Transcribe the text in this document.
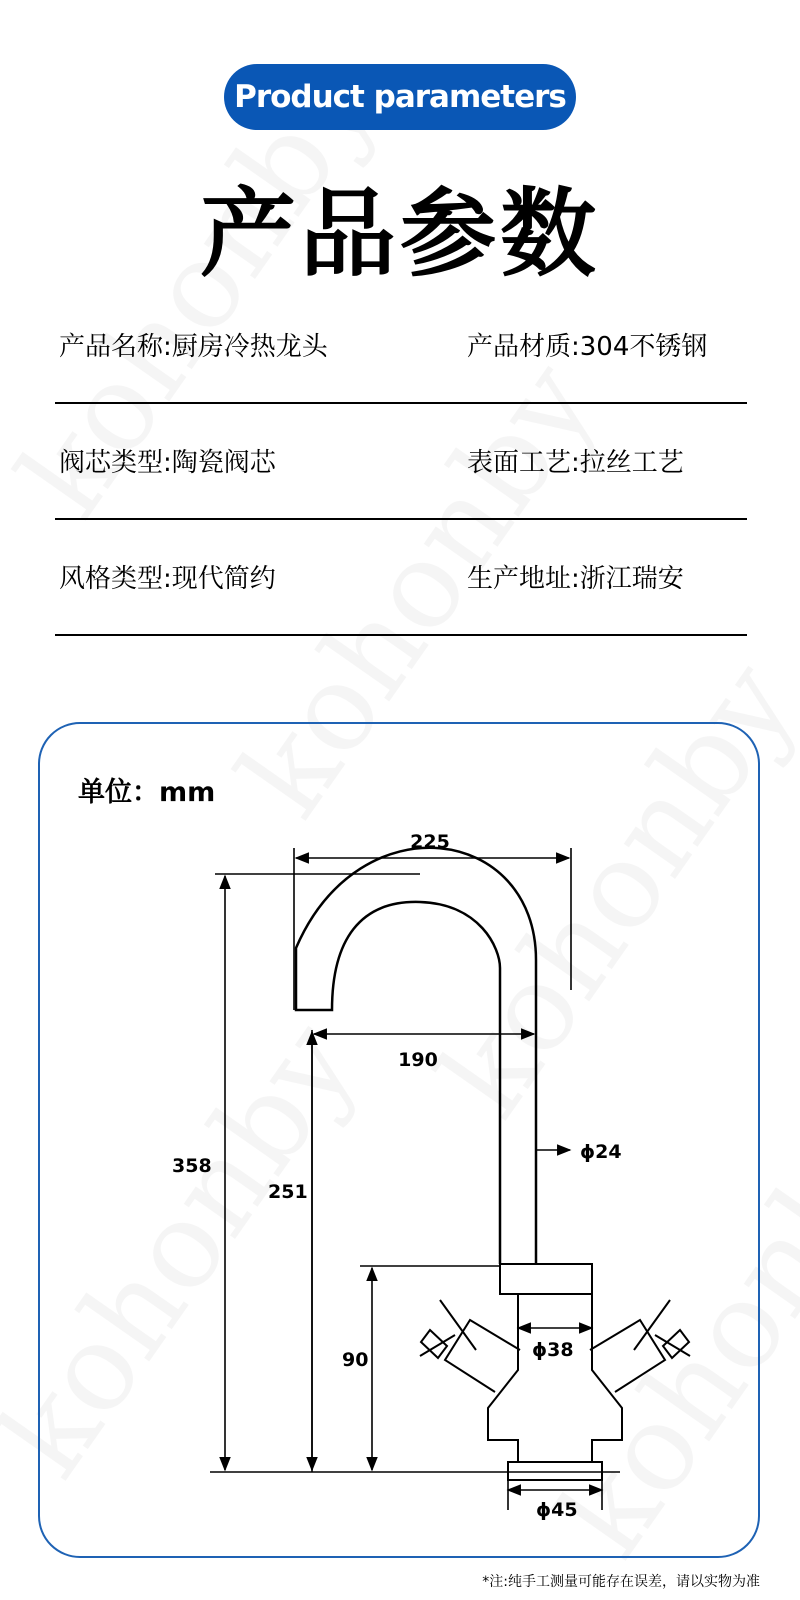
Product parameters
产品参数
产品名称:厨房冷热龙头	产品材质:304不锈钢
阀芯类型:陶瓷阀芯	表面工艺:拉丝工艺
风格类型:现代简约	生产地址:浙江瑞安
单位：mm
225
190
358
251
90
ϕ24
ϕ38
ϕ45
*注:纯手工测量可能存在误差，请以实物为准
